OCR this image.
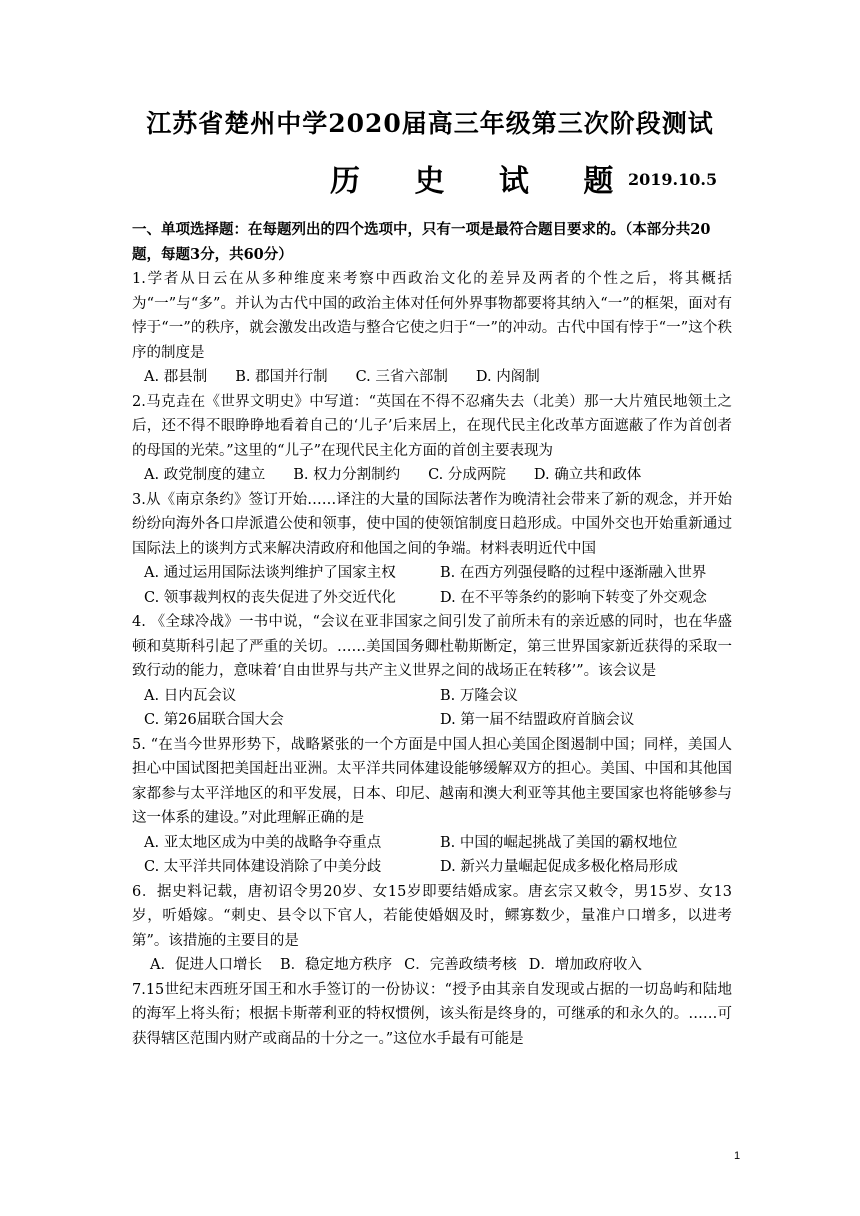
江苏省楚州中学2020届高三年级第三次阶段测试
历 史 试 题
2019.10.5
一、单项选择题：在每题列出的四个选项中，只有一项是最符合题目要求的。（本部分共20题，每题3分，共60分）

1.学者从日云在从多种维度来考察中西政治文化的差异及两者的个性之后，将其概括为“一”与“多”。并认为古代中国的政治主体对任何外界事物都要将其纳入“一”的框架，面对有悖于“一”的秩序，就会激发出改造与整合它使之归于“一”的冲动。古代中国有悖于“一”这个秩序的制度是

A. 郡县制 B. 郡国并行制 C. 三省六部制 D. 内阁制

2.马克垚在《世界文明史》中写道：“英国在不得不忍痛失去（北美）那一大片殖民地领土之后，还不得不眼睁睁地看着自己的‘儿子’后来居上，在现代民主化改革方面遮蔽了作为首创者的母国的光荣。”这里的“儿子”在现代民主化方面的首创主要表现为

A. 政党制度的建立 B. 权力分割制约 C. 分成两院 D. 确立共和政体

3.从《南京条约》签订开始……译注的大量的国际法著作为晚清社会带来了新的观念，并开始纷纷向海外各口岸派遣公使和领事，使中国的使领馆制度日趋形成。中国外交也开始重新通过国际法上的谈判方式来解决清政府和他国之间的争端。材料表明近代中国

A. 通过运用国际法谈判维护了国家主权	B. 在西方列强侵略的过程中逐渐融入世界
C. 领事裁判权的丧失促进了外交近代化	D. 在不平等条约的影响下转变了外交观念

4. 《全球冷战》一书中说，“会议在亚非国家之间引发了前所未有的亲近感的同时，也在华盛顿和莫斯科引起了严重的关切。……美国国务卿杜勒斯断定，第三世界国家新近获得的采取一致行动的能力，意味着‘自由世界与共产主义世界之间的战场正在转移’”。该会议是

A. 日内瓦会议	B. 万隆会议
C. 第26届联合国大会	D. 第一届不结盟政府首脑会议

5. “在当今世界形势下，战略紧张的一个方面是中国人担心美国企图遏制中国；同样，美国人担心中国试图把美国赶出亚洲。太平洋共同体建设能够缓解双方的担心。美国、中国和其他国家都参与太平洋地区的和平发展，日本、印尼、越南和澳大利亚等其他主要国家也将能够参与这一体系的建设。”对此理解正确的是

A. 亚太地区成为中美的战略争夺重点	B. 中国的崛起挑战了美国的霸权地位
C. 太平洋共同体建设消除了中美分歧	D. 新兴力量崛起促成多极化格局形成

6．据史料记载，唐初诏令男20岁、女15岁即要结婚成家。唐玄宗又敕令，男15岁、女13岁，听婚嫁。“刺史、县令以下官人，若能使婚姻及时，鳏寡数少，量准户口增多，以进考第”。该措施的主要目的是

A．促进人口增长 B．稳定地方秩序 C．完善政绩考核 D．增加政府收入

7.15世纪末西班牙国王和水手签订的一份协议：“授予由其亲自发现或占据的一切岛屿和陆地的海军上将头衔；根据卡斯蒂利亚的特权惯例，该头衔是终身的，可继承的和永久的。……可获得辖区范围内财产或商品的十分之一。”这位水手最有可能是

1
